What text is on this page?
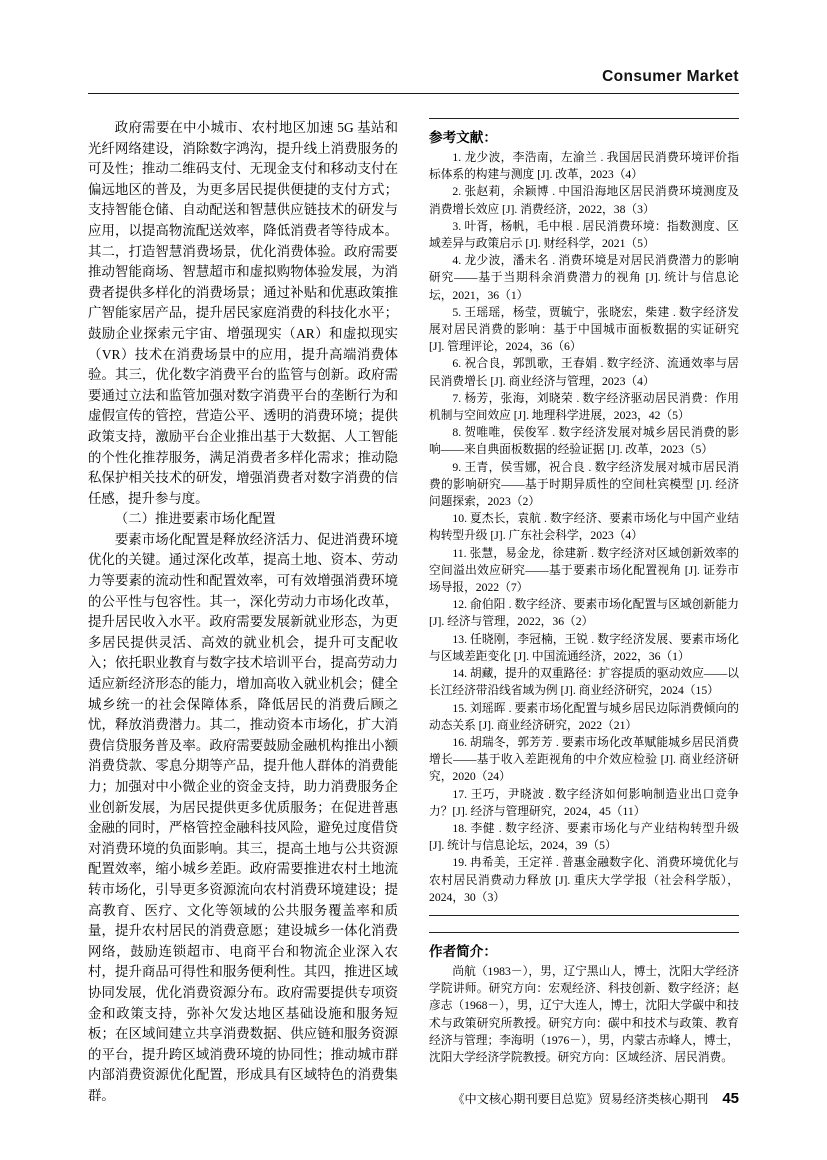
Consumer Market

政府需要在中小城市、农村地区加速 5G 基站和光纤网络建设，消除数字鸿沟，提升线上消费服务的可及性；推动二维码支付、无现金支付和移动支付在偏远地区的普及，为更多居民提供便捷的支付方式；支持智能仓储、自动配送和智慧供应链技术的研发与应用，以提高物流配送效率，降低消费者等待成本。其二，打造智慧消费场景，优化消费体验。政府需要推动智能商场、智慧超市和虚拟购物体验发展，为消费者提供多样化的消费场景；通过补贴和优惠政策推广智能家居产品，提升居民家庭消费的科技化水平；鼓励企业探索元宇宙、增强现实（AR）和虚拟现实（VR）技术在消费场景中的应用，提升高端消费体验。其三，优化数字消费平台的监管与创新。政府需要通过立法和监管加强对数字消费平台的垄断行为和虚假宣传的管控，营造公平、透明的消费环境；提供政策支持，激励平台企业推出基于大数据、人工智能的个性化推荐服务，满足消费者多样化需求；推动隐私保护相关技术的研发，增强消费者对数字消费的信任感，提升参与度。

（二）推进要素市场化配置

要素市场化配置是释放经济活力、促进消费环境优化的关键。通过深化改革，提高土地、资本、劳动力等要素的流动性和配置效率，可有效增强消费环境的公平性与包容性。其一，深化劳动力市场化改革，提升居民收入水平。政府需要发展新就业形态，为更多居民提供灵活、高效的就业机会，提升可支配收入；依托职业教育与数字技术培训平台，提高劳动力适应新经济形态的能力，增加高收入就业机会；健全城乡统一的社会保障体系，降低居民的消费后顾之忧，释放消费潜力。其二，推动资本市场化，扩大消费信贷服务普及率。政府需要鼓励金融机构推出小额消费贷款、零息分期等产品，提升他人群体的消费能力；加强对中小微企业的资金支持，助力消费服务企业创新发展，为居民提供更多优质服务；在促进普惠金融的同时，严格管控金融科技风险，避免过度借贷对消费环境的负面影响。其三，提高土地与公共资源配置效率，缩小城乡差距。政府需要推进农村土地流转市场化，引导更多资源流向农村消费环境建设；提高教育、医疗、文化等领域的公共服务覆盖率和质量，提升农村居民的消费意愿；建设城乡一体化消费网络，鼓励连锁超市、电商平台和物流企业深入农村，提升商品可得性和服务便利性。其四，推进区域协同发展，优化消费资源分布。政府需要提供专项资金和政策支持，弥补欠发达地区基础设施和服务短板；在区域间建立共享消费数据、供应链和服务资源的平台，提升跨区域消费环境的协同性；推动城市群内部消费资源优化配置，形成具有区域特色的消费集群。

参考文献：
1. 龙少波，李浩南，左渝兰 . 我国居民消费环境评价指标体系的构建与测度 [J]. 改革，2023（4）
2. 张赵莉，余颖博 . 中国沿海地区居民消费环境测度及消费增长效应 [J]. 消费经济，2022，38（3）
3. 叶胥，杨帆，毛中根 . 居民消费环境：指数测度、区域差异与政策启示 [J]. 财经科学，2021（5）
4. 龙少波，潘未名 . 消费环境是对居民消费潜力的影响研究——基于当期科余消费潜力的视角 [J]. 统计与信息论坛，2021，36（1）
5. 王瑶瑶，杨莹，贾毓宁，张晓宏，柴建 . 数字经济发展对居民消费的影响：基于中国城市面板数据的实证研究 [J]. 管理评论，2024，36（6）
6. 祝合良，郭凯歌，王春娟 . 数字经济、流通效率与居民消费增长 [J]. 商业经济与管理，2023（4）
7. 杨芳，张海，刘晓荣 . 数字经济驱动居民消费：作用机制与空间效应 [J]. 地理科学进展，2023，42（5）
8. 贺唯唯，侯俊军 . 数字经济发展对城乡居民消费的影响——来自典面板数据的经验证据 [J]. 改革，2023（5）
9. 王青，侯雪娜，祝合良 . 数字经济发展对城市居民消费的影响研究——基于时期异质性的空间杜宾模型 [J]. 经济问题探索，2023（2）
10. 夏杰长，袁航 . 数字经济、要素市场化与中国产业结构转型升级 [J]. 广东社会科学，2023（4）
11. 张慧，易金龙，徐建新 . 数字经济对区域创新效率的空间溢出效应研究——基于要素市场化配置视角 [J]. 证券市场导报，2022（7）
12. 俞伯阳 . 数字经济、要素市场化配置与区域创新能力 [J]. 经济与管理，2022，36（2）
13. 任晓刚，李冠楠，王锐 . 数字经济发展、要素市场化与区域差距变化 [J]. 中国流通经济，2022，36（1）
14. 胡藏，提升的双重路径：扩容提质的驱动效应——以长江经济带沿线省域为例 [J]. 商业经济研究，2024（15）
15. 刘瑶晖 . 要素市场化配置与城乡居民边际消费倾向的动态关系 [J]. 商业经济研究，2022（21）
16. 胡瑞冬，郭芳芳 . 要素市场化改革赋能城乡居民消费增长——基于收入差距视角的中介效应检验 [J]. 商业经济研究，2020（24）
17. 王巧，尹晓波 . 数字经济如何影响制造业出口竞争力？[J]. 经济与管理研究，2024，45（11）
18. 李健 . 数字经济、要素市场化与产业结构转型升级 [J]. 统计与信息论坛，2024，39（5）
19. 冉希美，王定祥 . 普惠金融数字化、消费环境优化与农村居民消费动力释放 [J]. 重庆大学学报（社会科学版），2024，30（3）
作者简介：
尚航（1983－），男，辽宁黑山人，博士，沈阳大学经济学院讲师。研究方向：宏观经济、科技创新、数字经济；赵彦志（1968－），男，辽宁大连人，博士，沈阳大学碳中和技术与政策研究所教授。研究方向：碳中和技术与政策、教育经济与管理；李海明（1976－），男，内蒙古赤峰人，博士，沈阳大学经济学院教授。研究方向：区域经济、居民消费。
《中文核心期刊要目总览》贸易经济类核心期刊 45
